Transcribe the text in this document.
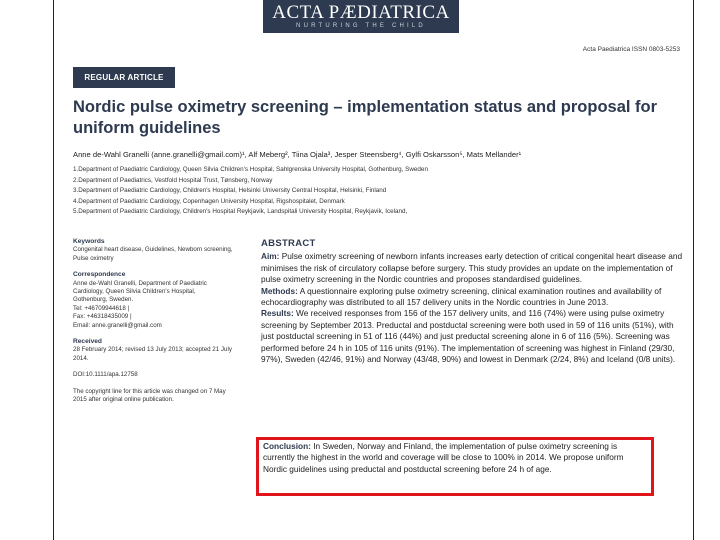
ACTA PÆDIATRICA
NURTURING THE CHILD
Acta Paediatrica ISSN 0803-5253
REGULAR ARTICLE
Nordic pulse oximetry screening – implementation status and proposal for uniform guidelines
Anne de-Wahl Granelli (anne.granelli@gmail.com)¹, Alf Meberg², Tiina Ojala³, Jesper Steensberg⁴, Gylfi Oskarsson⁵, Mats Mellander¹
1.Department of Paediatric Cardiology, Queen Silvia Children's Hospital, Sahlgrenska University Hospital, Gothenburg, Sweden
2.Department of Paediatrics, Vestfold Hospital Trust, Tønsberg, Norway
3.Department of Paediatric Cardiology, Children's Hospital, Helsinki University Central Hospital, Helsinki, Finland
4.Department of Paediatric Cardiology, Copenhagen University Hospital, Rigshospitalet, Denmark
5.Department of Paediatric Cardiology, Children's Hospital Reykjavik, Landspitali University Hospital, Reykjavik, Iceland,
Keywords
Congenital heart disease, Guidelines, Newborn screening, Pulse oximetry
Correspondence
Anne de-Wahl Granelli, Department of Paediatric
Cardiology, Queen Silvia Children's Hospital,
Gothenburg, Sweden.
Tel: +46709944618 |
Fax: +46318435009 |
Email: anne.granelli@gmail.com
Received
28 February 2014; revised 13 July 2013; accepted 21 July 2014.
DOI:10.1111/apa.12758
The copyright line for this article was changed on 7 May 2015 after original online publication.
ABSTRACT
Aim: Pulse oximetry screening of newborn infants increases early detection of critical congenital heart disease and minimises the risk of circulatory collapse before surgery. This study provides an update on the implementation of pulse oximetry screening in the Nordic countries and proposes standardised guidelines.
Methods: A questionnaire exploring pulse oximetry screening, clinical examination routines and availability of echocardiography was distributed to all 157 delivery units in the Nordic countries in June 2013.
Results: We received responses from 156 of the 157 delivery units, and 116 (74%) were using pulse oximetry screening by September 2013. Preductal and postductal screening were both used in 59 of 116 units (51%), with just postductal screening in 51 of 116 (44%) and just preductal screening alone in 6 of 116 (5%). Screening was performed before 24 h in 105 of 116 units (91%). The implementation of screening was highest in Finland (29/30, 97%), Sweden (42/46, 91%) and Norway (43/48, 90%) and lowest in Denmark (2/24, 8%) and Iceland (0/8 units).
Conclusion: In Sweden, Norway and Finland, the implementation of pulse oximetry screening is currently the highest in the world and coverage will be close to 100% in 2014. We propose uniform Nordic guidelines using preductal and postductal screening before 24 h of age.
